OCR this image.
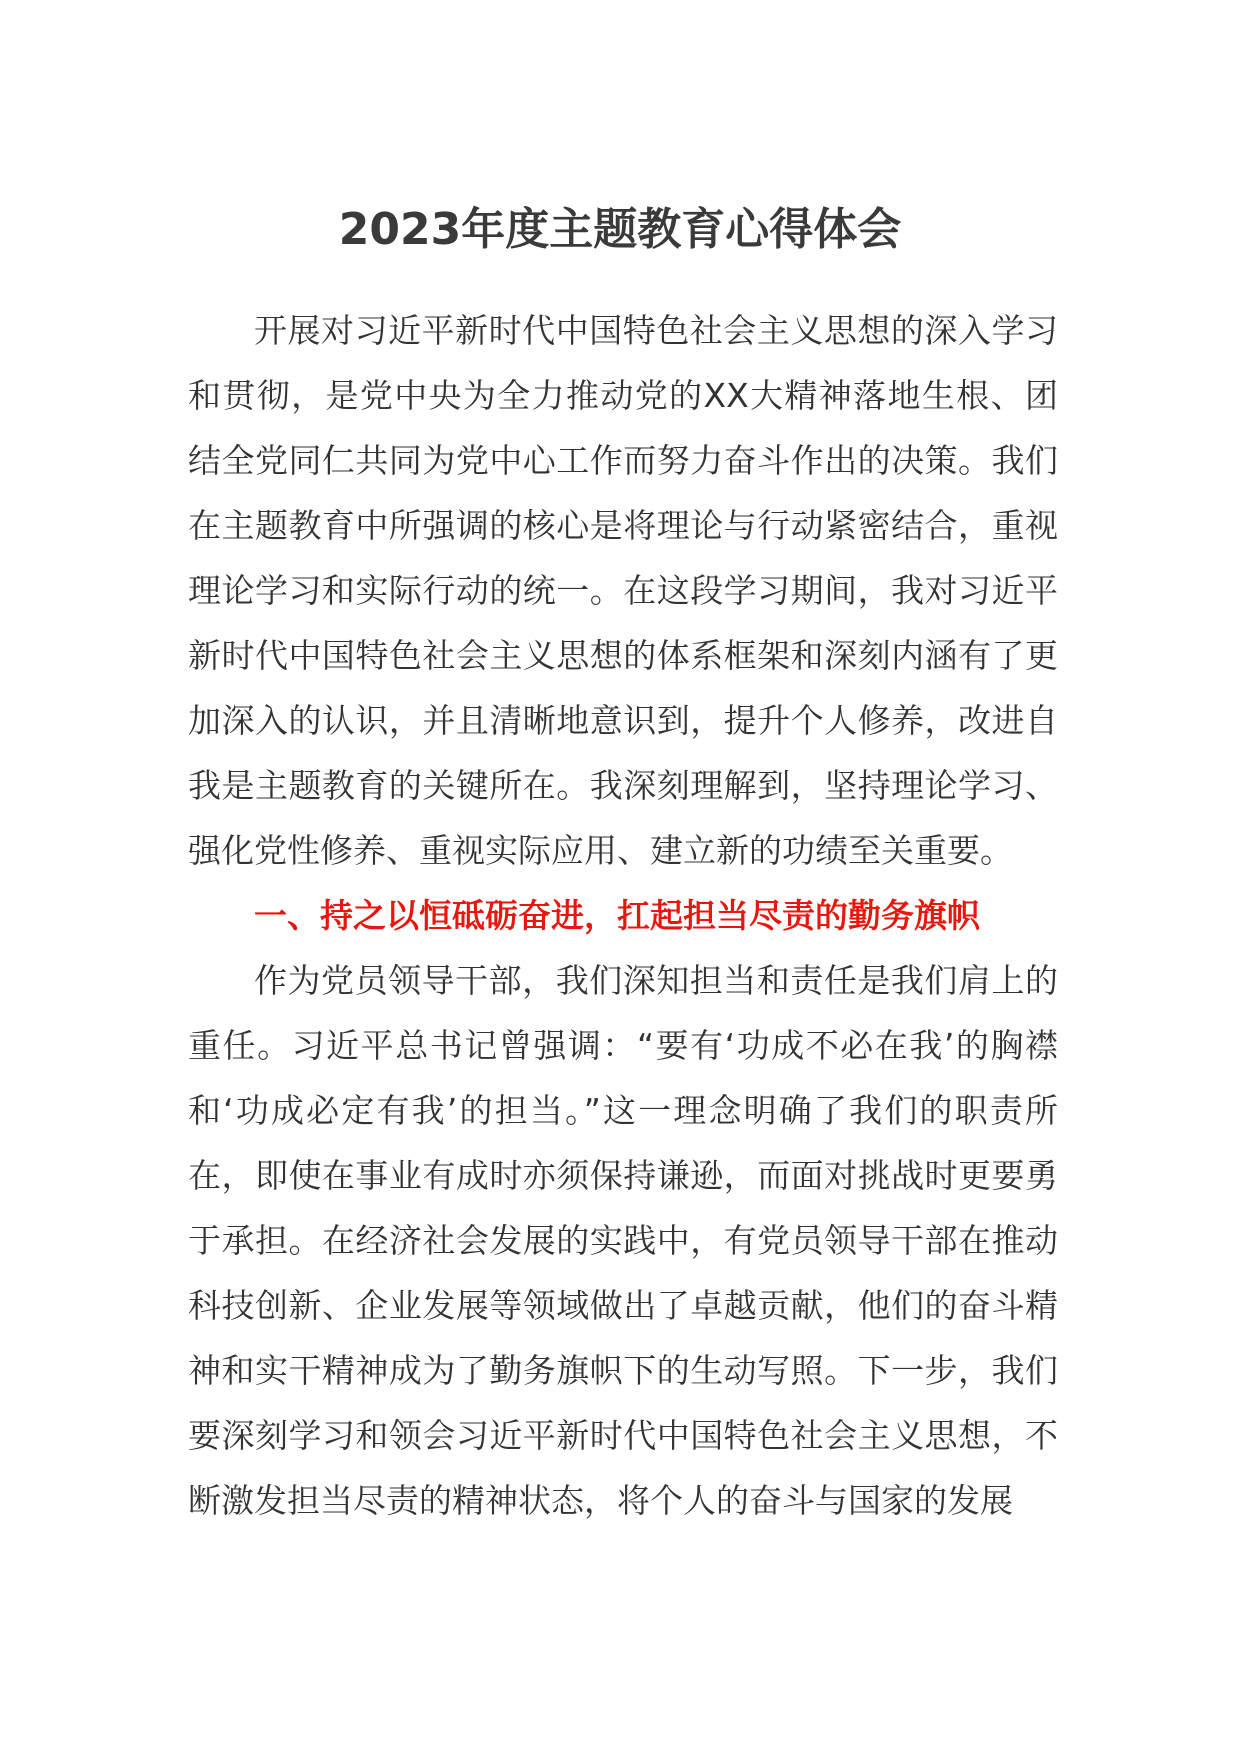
2023年度主题教育心得体会

开展对习近平新时代中国特色社会主义思想的深入学习和贯彻，是党中央为全力推动党的XX大精神落地生根、团结全党同仁共同为党中心工作而努力奋斗作出的决策。我们在主题教育中所强调的核心是将理论与行动紧密结合，重视理论学习和实际行动的统一。在这段学习期间，我对习近平新时代中国特色社会主义思想的体系框架和深刻内涵有了更加深入的认识，并且清晰地意识到，提升个人修养，改进自我是主题教育的关键所在。我深刻理解到，坚持理论学习、强化党性修养、重视实际应用、建立新的功绩至关重要。

一、持之以恒砥砺奋进，扛起担当尽责的勤务旗帜

作为党员领导干部，我们深知担当和责任是我们肩上的重任。习近平总书记曾强调：“要有‘功成不必在我’的胸襟和‘功成必定有我’的担当。”这一理念明确了我们的职责所在，即使在事业有成时亦须保持谦逊，而面对挑战时更要勇于承担。在经济社会发展的实践中，有党员领导干部在推动科技创新、企业发展等领域做出了卓越贡献，他们的奋斗精神和实干精神成为了勤务旗帜下的生动写照。下一步，我们要深刻学习和领会习近平新时代中国特色社会主义思想，不断激发担当尽责的精神状态，将个人的奋斗与国家的发展
